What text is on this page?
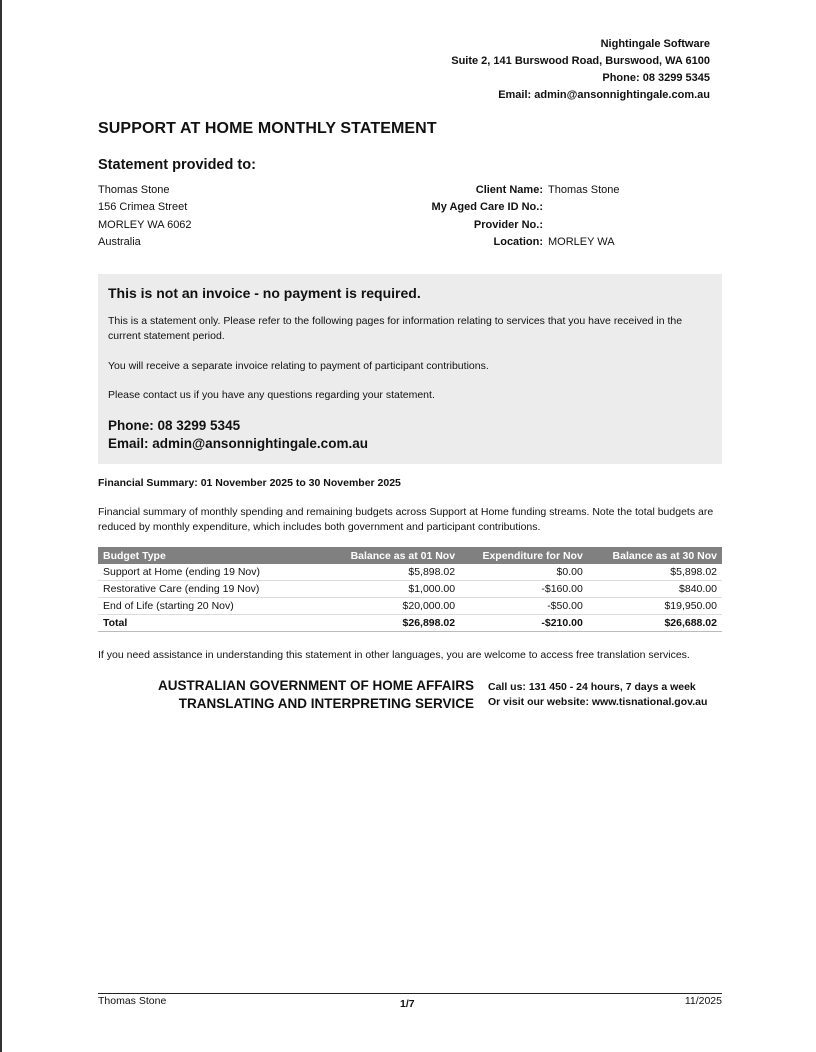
Nightingale Software
Suite 2, 141 Burswood Road, Burswood, WA 6100
Phone: 08 3299 5345
Email: admin@ansonnightingale.com.au
SUPPORT AT HOME MONTHLY STATEMENT
Statement provided to:
Thomas Stone
156 Crimea Street
MORLEY WA 6062
Australia
Client Name: Thomas Stone
My Aged Care ID No.:
Provider No.:
Location: MORLEY WA
This is not an invoice - no payment is required.

This is a statement only. Please refer to the following pages for information relating to services that you have received in the current statement period.

You will receive a separate invoice relating to payment of participant contributions.

Please contact us if you have any questions regarding your statement.

Phone: 08 3299 5345
Email: admin@ansonnightingale.com.au
Financial Summary: 01 November 2025 to 30 November 2025
Financial summary of monthly spending and remaining budgets across Support at Home funding streams. Note the total budgets are reduced by monthly expenditure, which includes both government and participant contributions.
Budget Type	Balance as at 01 Nov	Expenditure for Nov	Balance as at 30 Nov
Support at Home (ending 19 Nov)	$5,898.02	$0.00	$5,898.02
Restorative Care (ending 19 Nov)	$1,000.00	-$160.00	$840.00
End of Life (starting 20 Nov)	$20,000.00	-$50.00	$19,950.00
Total	$26,898.02	-$210.00	$26,688.02
If you need assistance in understanding this statement in other languages, you are welcome to access free translation services.
AUSTRALIAN GOVERNMENT OF HOME AFFAIRS
TRANSLATING AND INTERPRETING SERVICE
Call us: 131 450 - 24 hours, 7 days a week
Or visit our website: www.tisnational.gov.au
Thomas Stone	1/7	11/2025
